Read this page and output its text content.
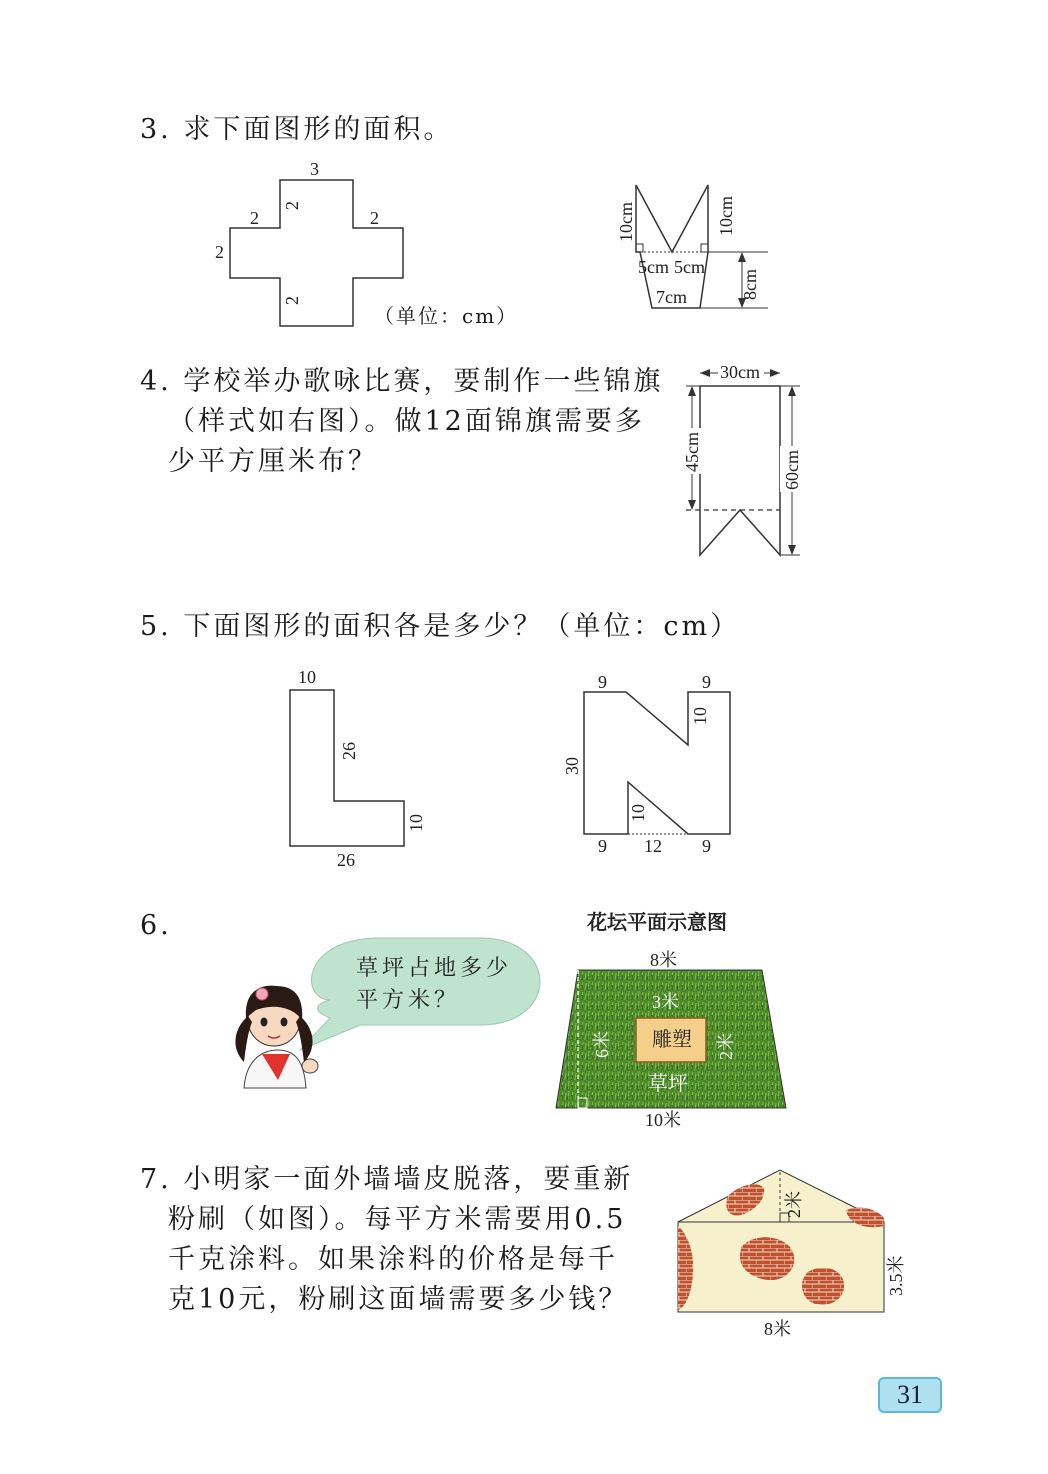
3. 求下面图形的面积。
3
2	2
2
2
2
10cm	10cm
5cm 5cm
7cm	8cm
30cm
45cm	60cm
10
26
10
26
9	9
10
30
10
9 12 9
8米
10米
6米 雕塑
3米
2米
草坪
2米
3.5米
8米
4. 学校举办歌咏比赛，要制作一些锦旗
（样式如右图）。做12面锦旗需要多
少平方厘米布？
（单位：cm）
5. 下面图形的面积各是多少？（单位：cm）
6.	花坛平面示意图
草坪占地多少
平方米？
7. 小明家一面外墙墙皮脱落，要重新
粉刷（如图）。每平方米需要用0.5
千克涂料。如果涂料的价格是每千
克10元，粉刷这面墙需要多少钱？
31
